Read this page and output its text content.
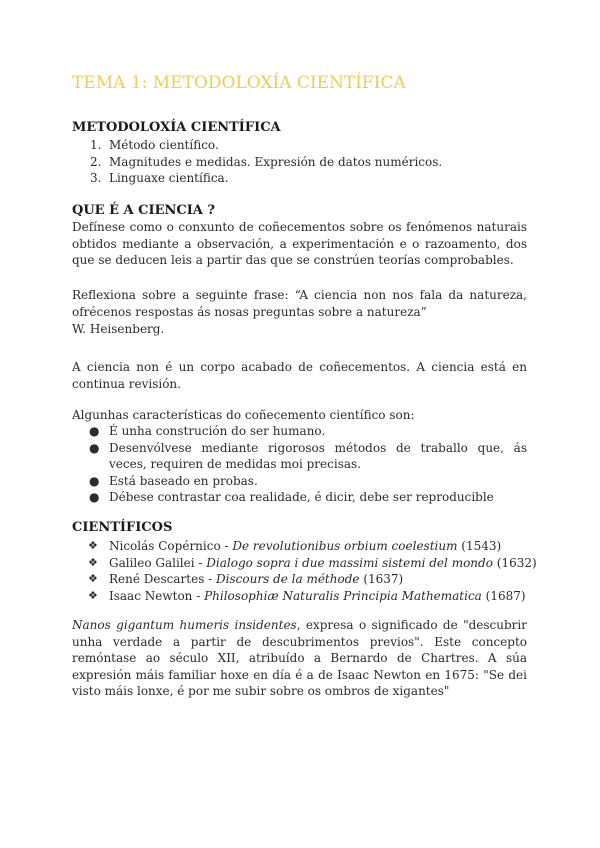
TEMA 1: METODOLOXÍA CIENTÍFICA
METODOLOXÍA CIENTÍFICA
1. Método científico.
2. Magnitudes e medidas. Expresión de datos numéricos.
3. Linguaxe científica.
QUE É A CIENCIA ?

Defínese como o conxunto de coñecementos sobre os fenómenos naturais obtidos mediante a observación, a experimentación e o razoamento, dos que se deducen leis a partir das que se constrúen teorías comprobables.

Reflexiona sobre a seguinte frase: “A ciencia non nos fala da natureza, ofrécenos respostas ás nosas preguntas sobre a natureza”

W. Heisenberg.

A ciencia non é un corpo acabado de coñecementos. A ciencia está en continua revisión.

Algunhas características do coñecemento científico son:

● É unha construción do ser humano.
● Desenvólvese mediante rigorosos métodos de traballo que, ás veces, requiren de medidas moi precisas.
● Está baseado en probas.
● Débese contrastar coa realidade, é dicir, debe ser reproducible
CIENTÍFICOS
❖ Nicolás Copérnico - De revolutionibus orbium coelestium (1543)
❖ Galileo Galilei - Dialogo sopra i due massimi sistemi del mondo (1632)
❖ René Descartes - Discours de la méthode (1637)
❖ Isaac Newton - Philosophiæ Naturalis Principia Mathematica (1687)

Nanos gigantum humeris insidentes, expresa o significado de "descubrir unha verdade a partir de descubrimentos previos". Este concepto remóntase ao século XII, atribuído a Bernardo de Chartres. A súa expresión máis familiar hoxe en día é a de Isaac Newton en 1675: "Se dei visto máis lonxe, é por me subir sobre os ombros de xigantes"
